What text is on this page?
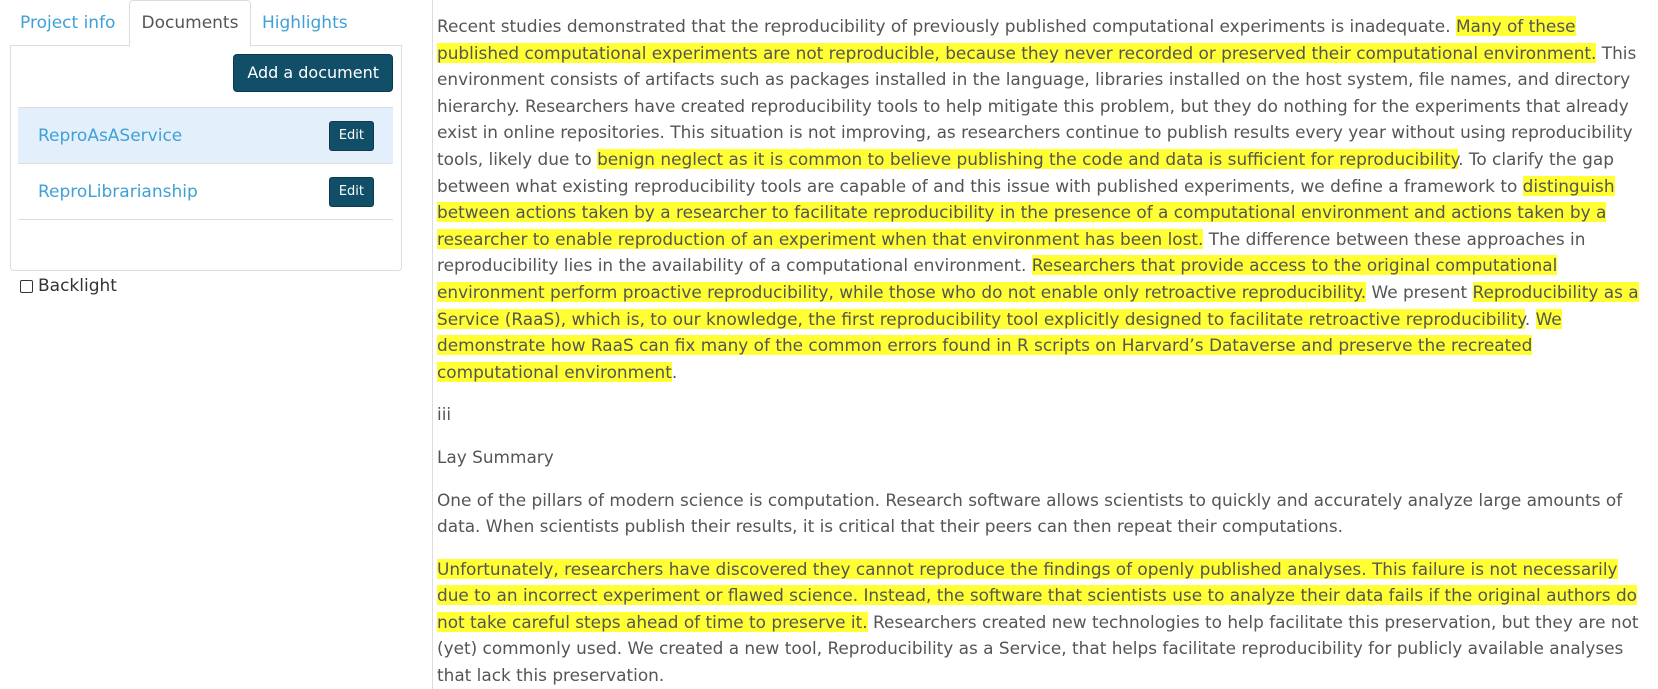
Project info	Documents	Highlights
Add a document
ReproAsAService	Edit
ReproLibrarianship	Edit
Backlight

Recent studies demonstrated that the reproducibility of previously published computational experiments is inadequate. Many of these published computational experiments are not reproducible, because they never recorded or preserved their computational environment. This environment consists of artifacts such as packages installed in the language, libraries installed on the host system, file names, and directory hierarchy. Researchers have created reproducibility tools to help mitigate this problem, but they do nothing for the experiments that already exist in online repositories. This situation is not improving, as researchers continue to publish results every year without using reproducibility tools, likely due to benign neglect as it is common to believe publishing the code and data is sufficient for reproducibility. To clarify the gap between what existing reproducibility tools are capable of and this issue with published experiments, we define a framework to distinguish between actions taken by a researcher to facilitate reproducibility in the presence of a computational environment and actions taken by a researcher to enable reproduction of an experiment when that environment has been lost. The difference between these approaches in reproducibility lies in the availability of a computational environment. Researchers that provide access to the original computational environment perform proactive reproducibility, while those who do not enable only retroactive reproducibility. We present Reproducibility as a Service (RaaS), which is, to our knowledge, the first reproducibility tool explicitly designed to facilitate retroactive reproducibility. We demonstrate how RaaS can fix many of the common errors found in R scripts on Harvard’s Dataverse and preserve the recreated computational environment.

iii

Lay Summary

One of the pillars of modern science is computation. Research software allows scientists to quickly and accurately analyze large amounts of data. When scientists publish their results, it is critical that their peers can then repeat their computations.

Unfortunately, researchers have discovered they cannot reproduce the findings of openly published analyses. This failure is not necessarily due to an incorrect experiment or flawed science. Instead, the software that scientists use to analyze their data fails if the original authors do not take careful steps ahead of time to preserve it. Researchers created new technologies to help facilitate this preservation, but they are not (yet) commonly used. We created a new tool, Reproducibility as a Service, that helps facilitate reproducibility for publicly available analyses that lack this preservation.
